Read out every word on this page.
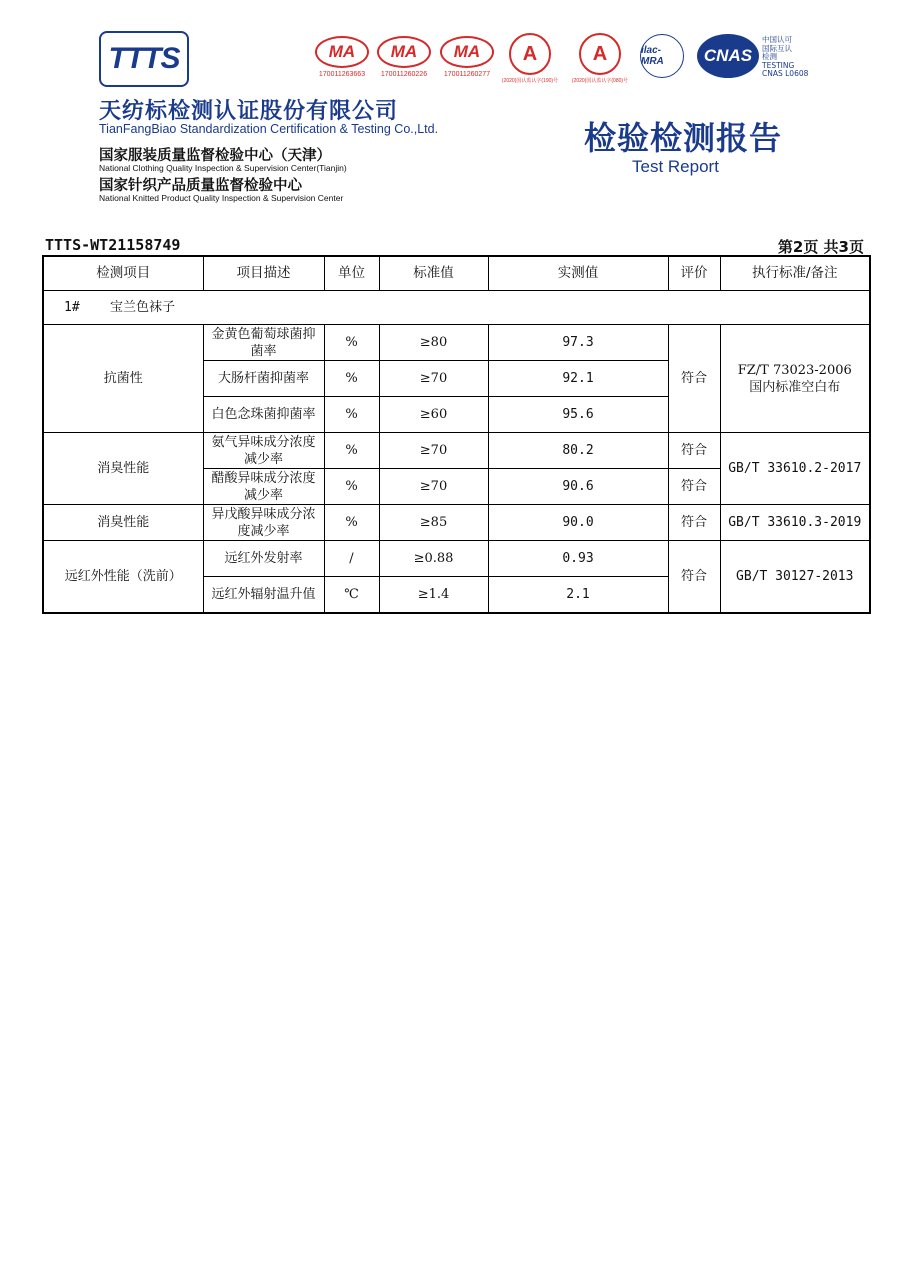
TTTS
天纺标检测认证股份有限公司
TianFangBiao Standardization Certification & Testing Co.,Ltd.
国家服装质量监督检验中心（天津）
National Clothing Quality Inspection & Supervision Center(Tianjin)
国家针织产品质量监督检验中心
National Knitted Product Quality Inspection & Supervision Center
MA
170011263663
MA
170011260226
MA
170011260277
A
(2020)国认监认字(190)号
A
(2020)国认监认字(080)号
ilac-MRA	CNAS
中国认可
国际互认
检测
TESTING
CNAS L0608
检验检测报告
Test Report
TTTS-WT21158749	第2页 共3页
检测项目	项目描述	单位	标准值	实测值	评价	执行标准/备注
1# 宝兰色袜子						
抗菌性	金黄色葡萄球菌抑菌率	%	≥80	97.3	符合	FZ/T 73023-2006
国内标准空白布

	大肠杆菌抑菌率	%	≥70	92.1		
	白色念珠菌抑菌率	%	≥60	95.6		
消臭性能	氨气异味成分浓度减少率	%	≥70	80.2	符合	GB/T 33610.2-2017
	醋酸异味成分浓度减少率	%	≥70	90.6	符合	
消臭性能	异戊酸异味成分浓度减少率	%	≥85	90.0	符合	GB/T 33610.3-2019
远红外性能（洗前）	远红外发射率	/	≥0.88	0.93	符合	GB/T 30127-2013
	远红外辐射温升值	℃	≥1.4	2.1		
